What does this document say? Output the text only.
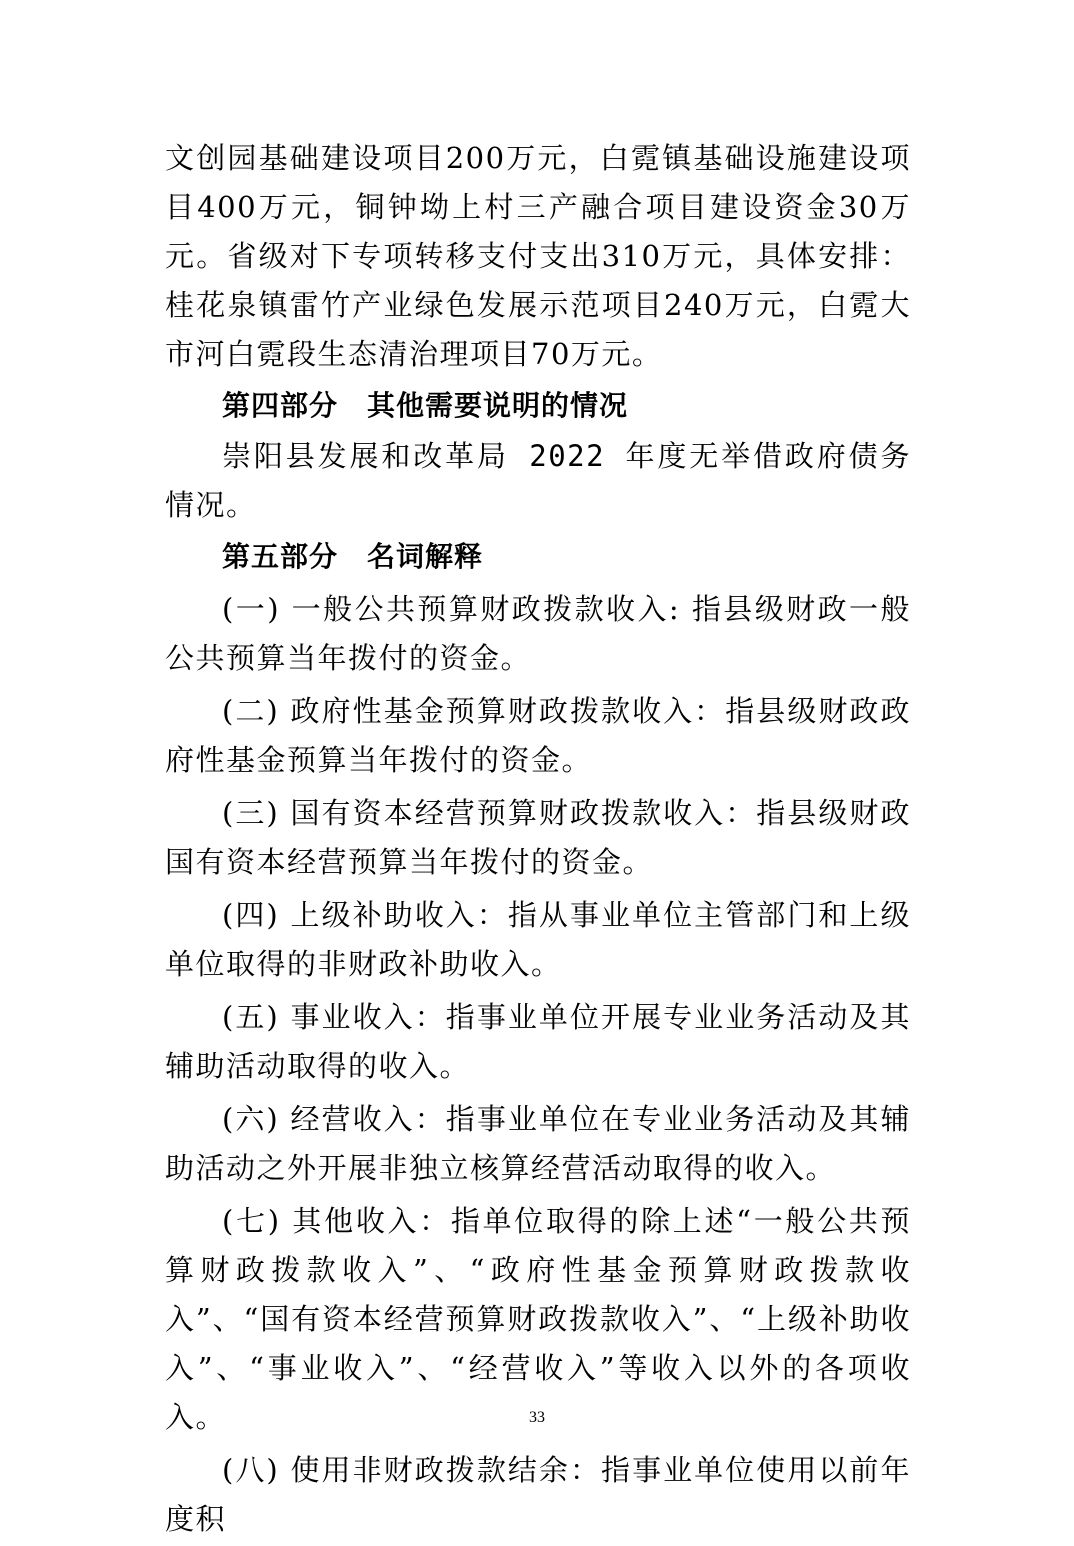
文创园基础建设项目200万元，白霓镇基础设施建设项目400万元，铜钟坳上村三产融合项目建设资金30万元。省级对下专项转移支付支出310万元，具体安排：桂花泉镇雷竹产业绿色发展示范项目240万元，白霓大市河白霓段生态清治理项目70万元。

第四部分　其他需要说明的情况

崇阳县发展和改革局 2022 年度无举借政府债务情况。

第五部分　名词解释

(一) 一般公共预算财政拨款收入: 指县级财政一般公共预算当年拨付的资金。

(二) 政府性基金预算财政拨款收入：指县级财政政府性基金预算当年拨付的资金。

(三) 国有资本经营预算财政拨款收入：指县级财政国有资本经营预算当年拨付的资金。

(四) 上级补助收入：指从事业单位主管部门和上级单位取得的非财政补助收入。

(五) 事业收入：指事业单位开展专业业务活动及其辅助活动取得的收入。

(六) 经营收入：指事业单位在专业业务活动及其辅助活动之外开展非独立核算经营活动取得的收入。

(七) 其他收入：指单位取得的除上述“一般公共预算财政拨款收入”、“政府性基金预算财政拨款收入”、“国有资本经营预算财政拨款收入”、“上级补助收入”、“事业收入”、“经营收入”等收入以外的各项收入。

(八) 使用非财政拨款结余：指事业单位使用以前年度积

33
